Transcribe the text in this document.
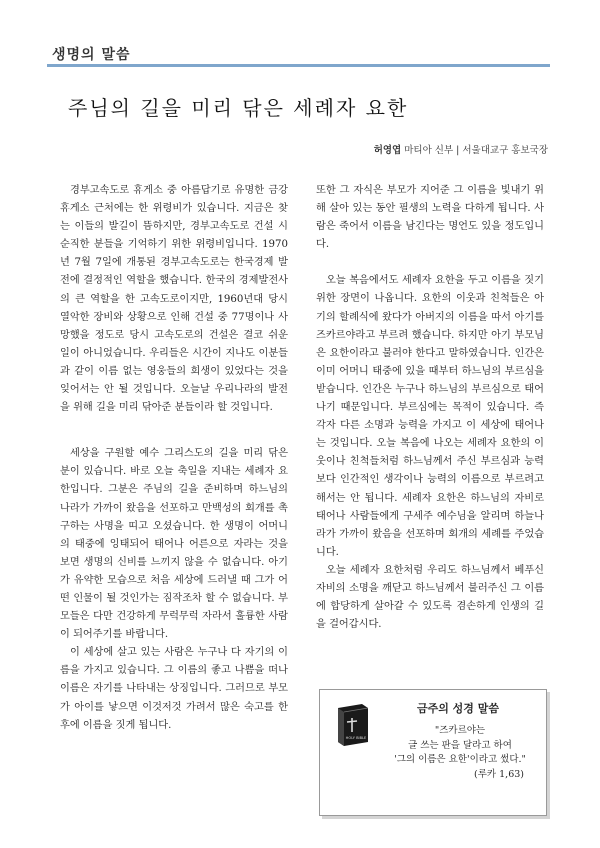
생명의 말씀
주님의 길을 미리 닦은 세례자 요한
허영엽 마티아 신부 | 서울대교구 홍보국장

경부고속도로 휴게소 중 아름답기로 유명한 금강휴게소 근처에는 한 위령비가 있습니다. 지금은 찾는 이들의 발길이 뜸하지만, 경부고속도로 건설 시 순직한 분들을 기억하기 위한 위령비입니다. 1970년 7월 7일에 개통된 경부고속도로는 한국경제 발전에 결정적인 역할을 했습니다. 한국의 경제발전사의 큰 역할을 한 고속도로이지만, 1960년대 당시 열악한 장비와 상황으로 인해 건설 중 77명이나 사망했을 정도로 당시 고속도로의 건설은 결코 쉬운 일이 아니었습니다. 우리들은 시간이 지나도 이분들과 같이 이름 없는 영웅들의 희생이 있었다는 것을 잊어서는 안 될 것입니다. 오늘날 우리나라의 발전을 위해 길을 미리 닦아준 분들이라 할 것입니다.

세상을 구원할 예수 그리스도의 길을 미리 닦은 분이 있습니다. 바로 오늘 축일을 지내는 세례자 요한입니다. 그분은 주님의 길을 준비하며 하느님의 나라가 가까이 왔음을 선포하고 만백성의 회개를 촉구하는 사명을 띠고 오셨습니다. 한 생명이 어머니의 태중에 잉태되어 태어나 어른으로 자라는 것을 보면 생명의 신비를 느끼지 않을 수 없습니다. 아기가 유약한 모습으로 처음 세상에 드러낼 때 그가 어떤 인물이 될 것인가는 짐작조차 할 수 없습니다. 부모들은 다만 건강하게 무럭무럭 자라서 훌륭한 사람이 되어주기를 바랍니다.

이 세상에 살고 있는 사람은 누구나 다 자기의 이름을 가지고 있습니다. 그 이름의 좋고 나쁨을 떠나 이름은 자기를 나타내는 상징입니다. 그러므로 부모가 아이를 낳으면 이것저것 가려서 많은 숙고를 한 후에 이름을 짓게 됩니다.

또한 그 자식은 부모가 지어준 그 이름을 빛내기 위해 살아 있는 동안 필생의 노력을 다하게 됩니다. 사람은 죽어서 이름을 남긴다는 명언도 있을 정도입니다.

오늘 복음에서도 세례자 요한을 두고 이름을 짓기 위한 장면이 나옵니다. 요한의 이웃과 친척들은 아기의 할례식에 왔다가 아버지의 이름을 따서 아기를 즈카르야라고 부르려 했습니다. 하지만 아기 부모님은 요한이라고 불러야 한다고 말하였습니다. 인간은 이미 어머니 태중에 있을 때부터 하느님의 부르심을 받습니다. 인간은 누구나 하느님의 부르심으로 태어나기 때문입니다. 부르심에는 목적이 있습니다. 즉 각자 다른 소명과 능력을 가지고 이 세상에 태어나는 것입니다. 오늘 복음에 나오는 세례자 요한의 이웃이나 친척들처럼 하느님께서 주신 부르심과 능력보다 인간적인 생각이나 능력의 이름으로 부르려고 해서는 안 됩니다. 세례자 요한은 하느님의 자비로 태어나 사람들에게 구세주 예수님을 알리며 하늘나라가 가까이 왔음을 선포하며 회개의 세례를 주었습니다.

오늘 세례자 요한처럼 우리도 하느님께서 베푸신 자비의 소명을 깨닫고 하느님께서 불러주신 그 이름에 합당하게 살아갈 수 있도록 겸손하게 인생의 길을 걸어갑시다.

HOLY BIBLE
금주의 성경 말씀
"즈카르야는
글 쓰는 판을 달라고 하여
'그의 이름은 요한'이라고 썼다."
(루카 1,63)
